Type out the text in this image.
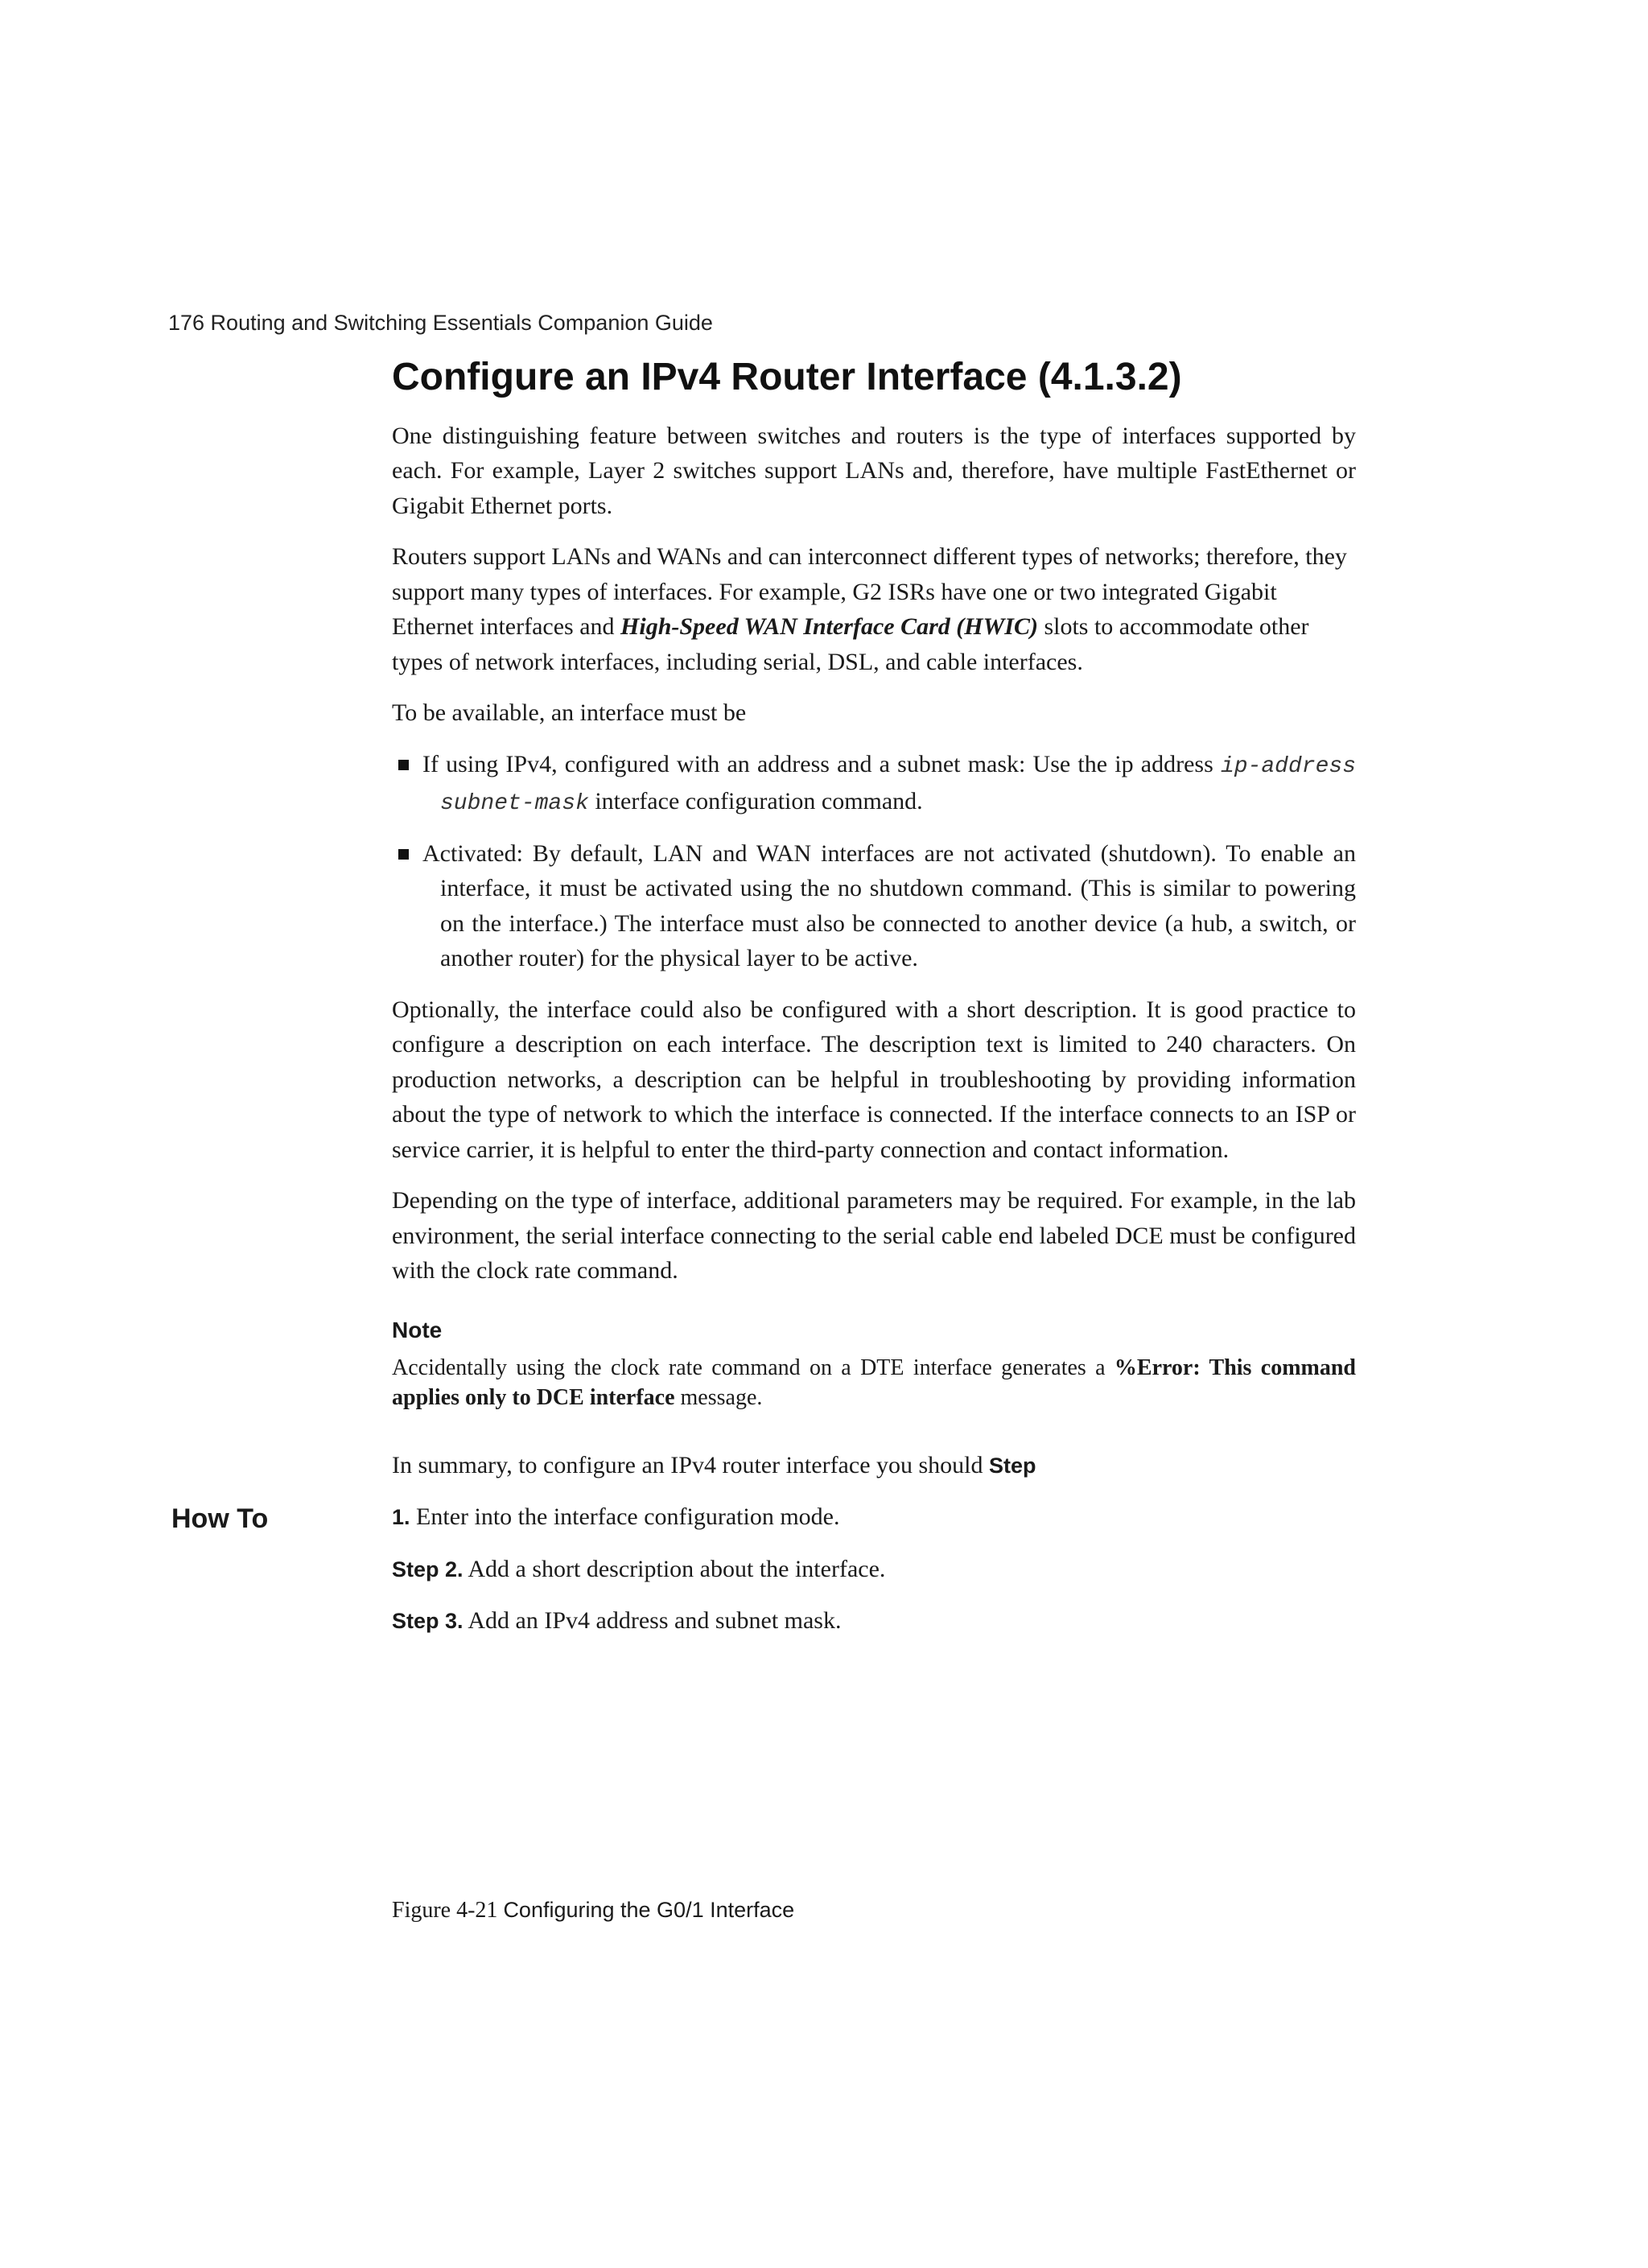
176 Routing and Switching Essentials Companion Guide
How To
Configure an IPv4 Router Interface (4.1.3.2)

One distinguishing feature between switches and routers is the type of interfaces supported by each. For example, Layer 2 switches support LANs and, therefore, have multiple FastEthernet or Gigabit Ethernet ports.

Routers support LANs and WANs and can interconnect different types of networks; therefore, they support many types of interfaces. For example, G2 ISRs have one or two integrated Gigabit Ethernet interfaces and High-Speed WAN Interface Card (HWIC) slots to accommodate other types of network interfaces, including serial, DSL, and cable interfaces.

To be available, an interface must be

If using IPv4, configured with an address and a subnet mask: Use the ip address ip-address subnet-mask interface configuration command.
Activated: By default, LAN and WAN interfaces are not activated (shutdown). To enable an interface, it must be activated using the no shutdown command. (This is similar to powering on the interface.) The interface must also be connected to another device (a hub, a switch, or another router) for the physical layer to be active.

Optionally, the interface could also be configured with a short description. It is good practice to configure a description on each interface. The description text is limited to 240 characters. On production networks, a description can be helpful in troubleshooting by providing information about the type of network to which the interface is connected. If the interface connects to an ISP or service carrier, it is helpful to enter the third-party connection and contact information.

Depending on the type of interface, additional parameters may be required. For example, in the lab environment, the serial interface connecting to the serial cable end labeled DCE must be configured with the clock rate command.

Note

Accidentally using the clock rate command on a DTE interface generates a %Error: This command applies only to DCE interface message.

In summary, to configure an IPv4 router interface you should Step

1. Enter into the interface configuration mode.

Step 2. Add a short description about the interface.

Step 3. Add an IPv4 address and subnet mask.

Figure 4-21 Configuring the G0/1 Interface
